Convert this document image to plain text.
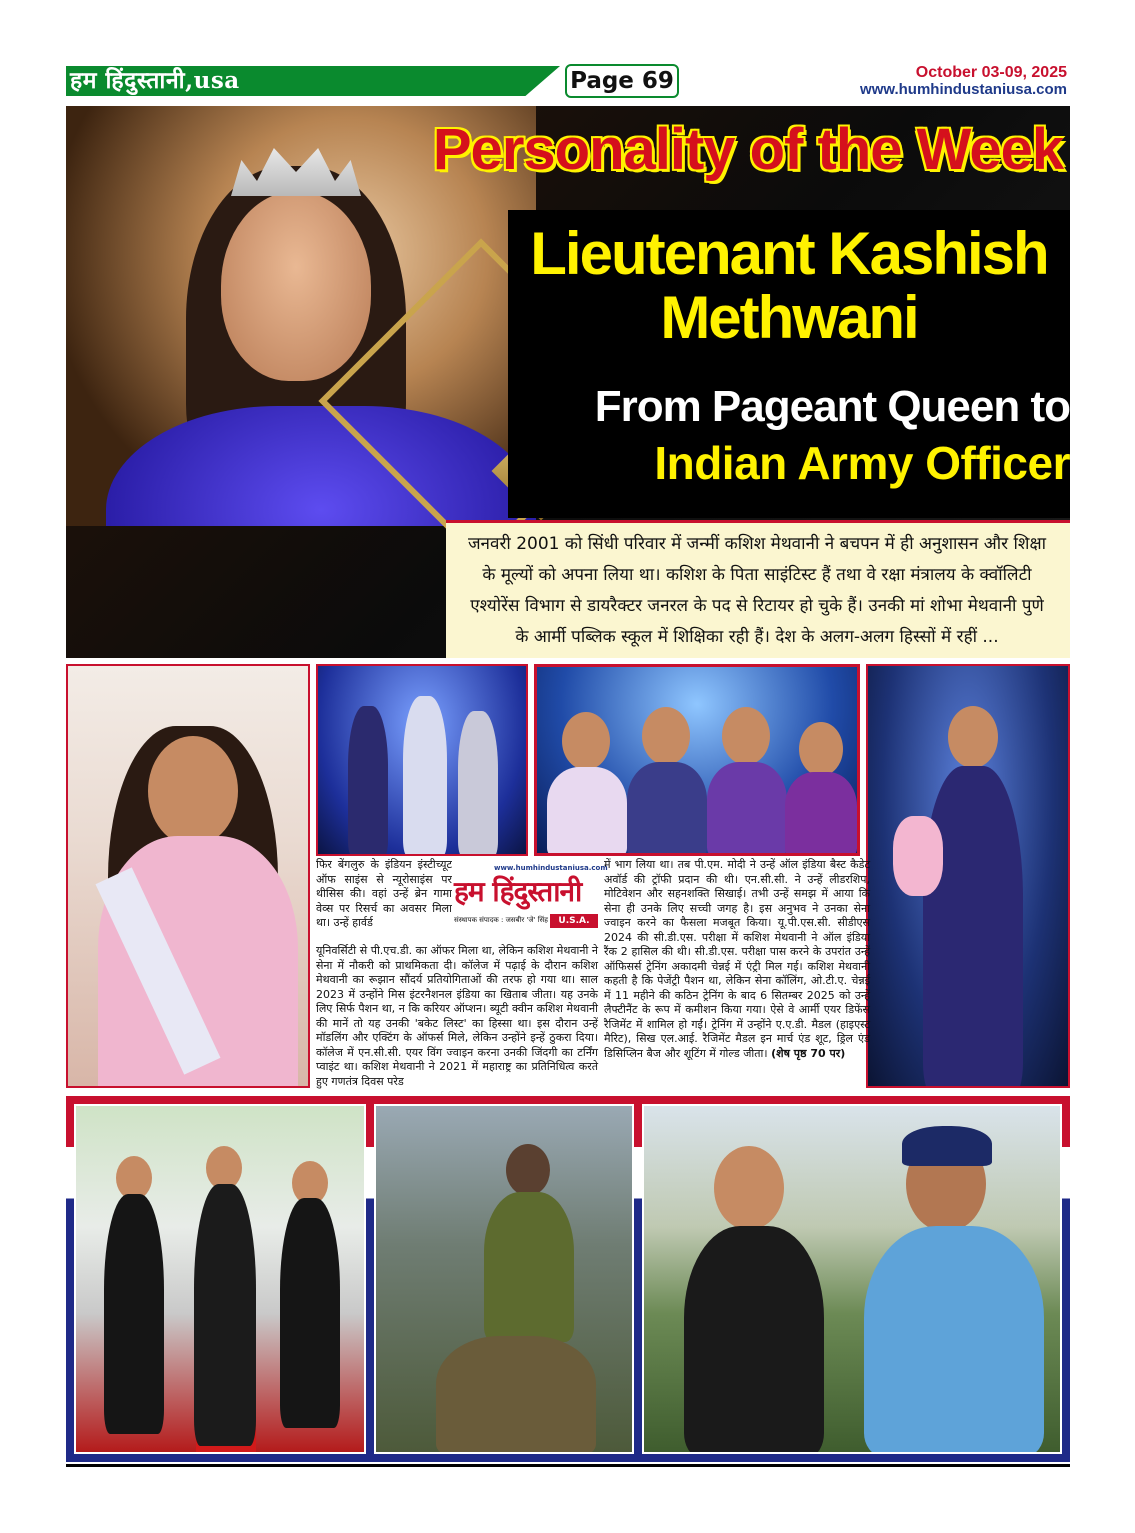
हम हिंदुस्तानी,usa	Page 69	October 03-09, 2025
www.humhindustaniusa.com
Personality of the Week
Lieutenant Kashish
Methwani
From Pageant Queen to
Indian Army Officer
जनवरी 2001 को सिंधी परिवार में जन्मीं कशिश मेथवानी ने बचपन में ही अनुशासन और शिक्षा के मूल्यों को अपना लिया था। कशिश के पिता साइंटिस्ट हैं तथा वे रक्षा मंत्रालय के क्वॉलिटी एश्योरेंस विभाग से डायरैक्टर जनरल के पद से रिटायर हो चुके हैं। उनकी मां शोभा मेथवानी पुणे के आर्मी पब्लिक स्कूल में शिक्षिका रही हैं। देश के अलग-अलग हिस्सों में रहीं ...
फिर बेंगलुरु के इंडियन इंस्टीच्यूट ऑफ साइंस से न्यूरोसाइंस पर थीसिस की। वहां उन्हें ब्रेन गामा वेव्स पर रिसर्च का अवसर मिला था। उन्हें हार्वर्ड
यूनिवर्सिटी से पी.एच.डी. का ऑफर मिला था, लेकिन कशिश मेथवानी ने सेना में नौकरी को प्राथमिकता दी। कॉलेज में पढ़ाई के दौरान कशिश मेथवानी का रूझान सौंदर्य प्रतियोगिताओं की तरफ हो गया था। साल 2023 में उन्होंने मिस इंटरनैशनल इंडिया का खिताब जीता। यह उनके लिए सिर्फ पैशन था, न कि करियर ऑप्शन। ब्यूटी क्वीन कशिश मेथवानी की मानें तो यह उनकी 'बकेट लिस्ट' का हिस्सा था। इस दौरान उन्हें मॉडलिंग और एक्टिंग के ऑफर्स मिले, लेकिन उन्होंने इन्हें ठुकरा दिया। कॉलेज में एन.सी.सी. एयर विंग ज्वाइन करना उनकी जिंदगी का टर्निंग प्वाइंट था। कशिश मेथवानी ने 2021 में महाराष्ट्र का प्रतिनिधित्व करते हुए गणतंत्र दिवस परेड
www.humhindustaniusa.com
हम हिंदुस्तानी
संस्थापक संपादक : जसबीर 'जे' सिंह	U.S.A.
में भाग लिया था। तब पी.एम. मोदी ने उन्हें ऑल इंडिया बैस्ट कैडेट अवॉर्ड की ट्रॉफी प्रदान की थी। एन.सी.सी. ने उन्हें लीडरशिप, मोटिवेशन और सहनशक्ति सिखाई। तभी उन्हें समझ में आया कि सेना ही उनके लिए सच्ची जगह है। इस अनुभव ने उनका सेना ज्वाइन करने का फैसला मजबूत किया। यू.पी.एस.सी. सीडीएस 2024 की सी.डी.एस. परीक्षा में कशिश मेथवानी ने ऑल इंडिया रैंक 2 हासिल की थी। सी.डी.एस. परीक्षा पास करने के उपरांत उन्हें ऑफिसर्स ट्रेनिंग अकादमी चेन्नई में एंट्री मिल गई। कशिश मेथवानी कहती है कि पेजेंट्री पैशन था, लेकिन सेना कॉलिंग, ओ.टी.ए. चेन्नई में 11 महीने की कठिन ट्रेनिंग के बाद 6 सितम्बर 2025 को उन्हें लैफ्टीनैंट के रूप में कमीशन किया गया। ऐसे वे आर्मी एयर डिफेंस रैजिमेंट में शामिल हो गईं। ट्रेनिंग में उन्होंने ए.ए.डी. मैडल (हाइएस्ट मैरिट), सिख एल.आई. रैजिमेंट मैडल इन मार्च एंड शूट, ड्रिल एंड डिसिप्लिन बैज और शूटिंग में गोल्ड जीता। (शेष पृष्ठ 70 पर)
